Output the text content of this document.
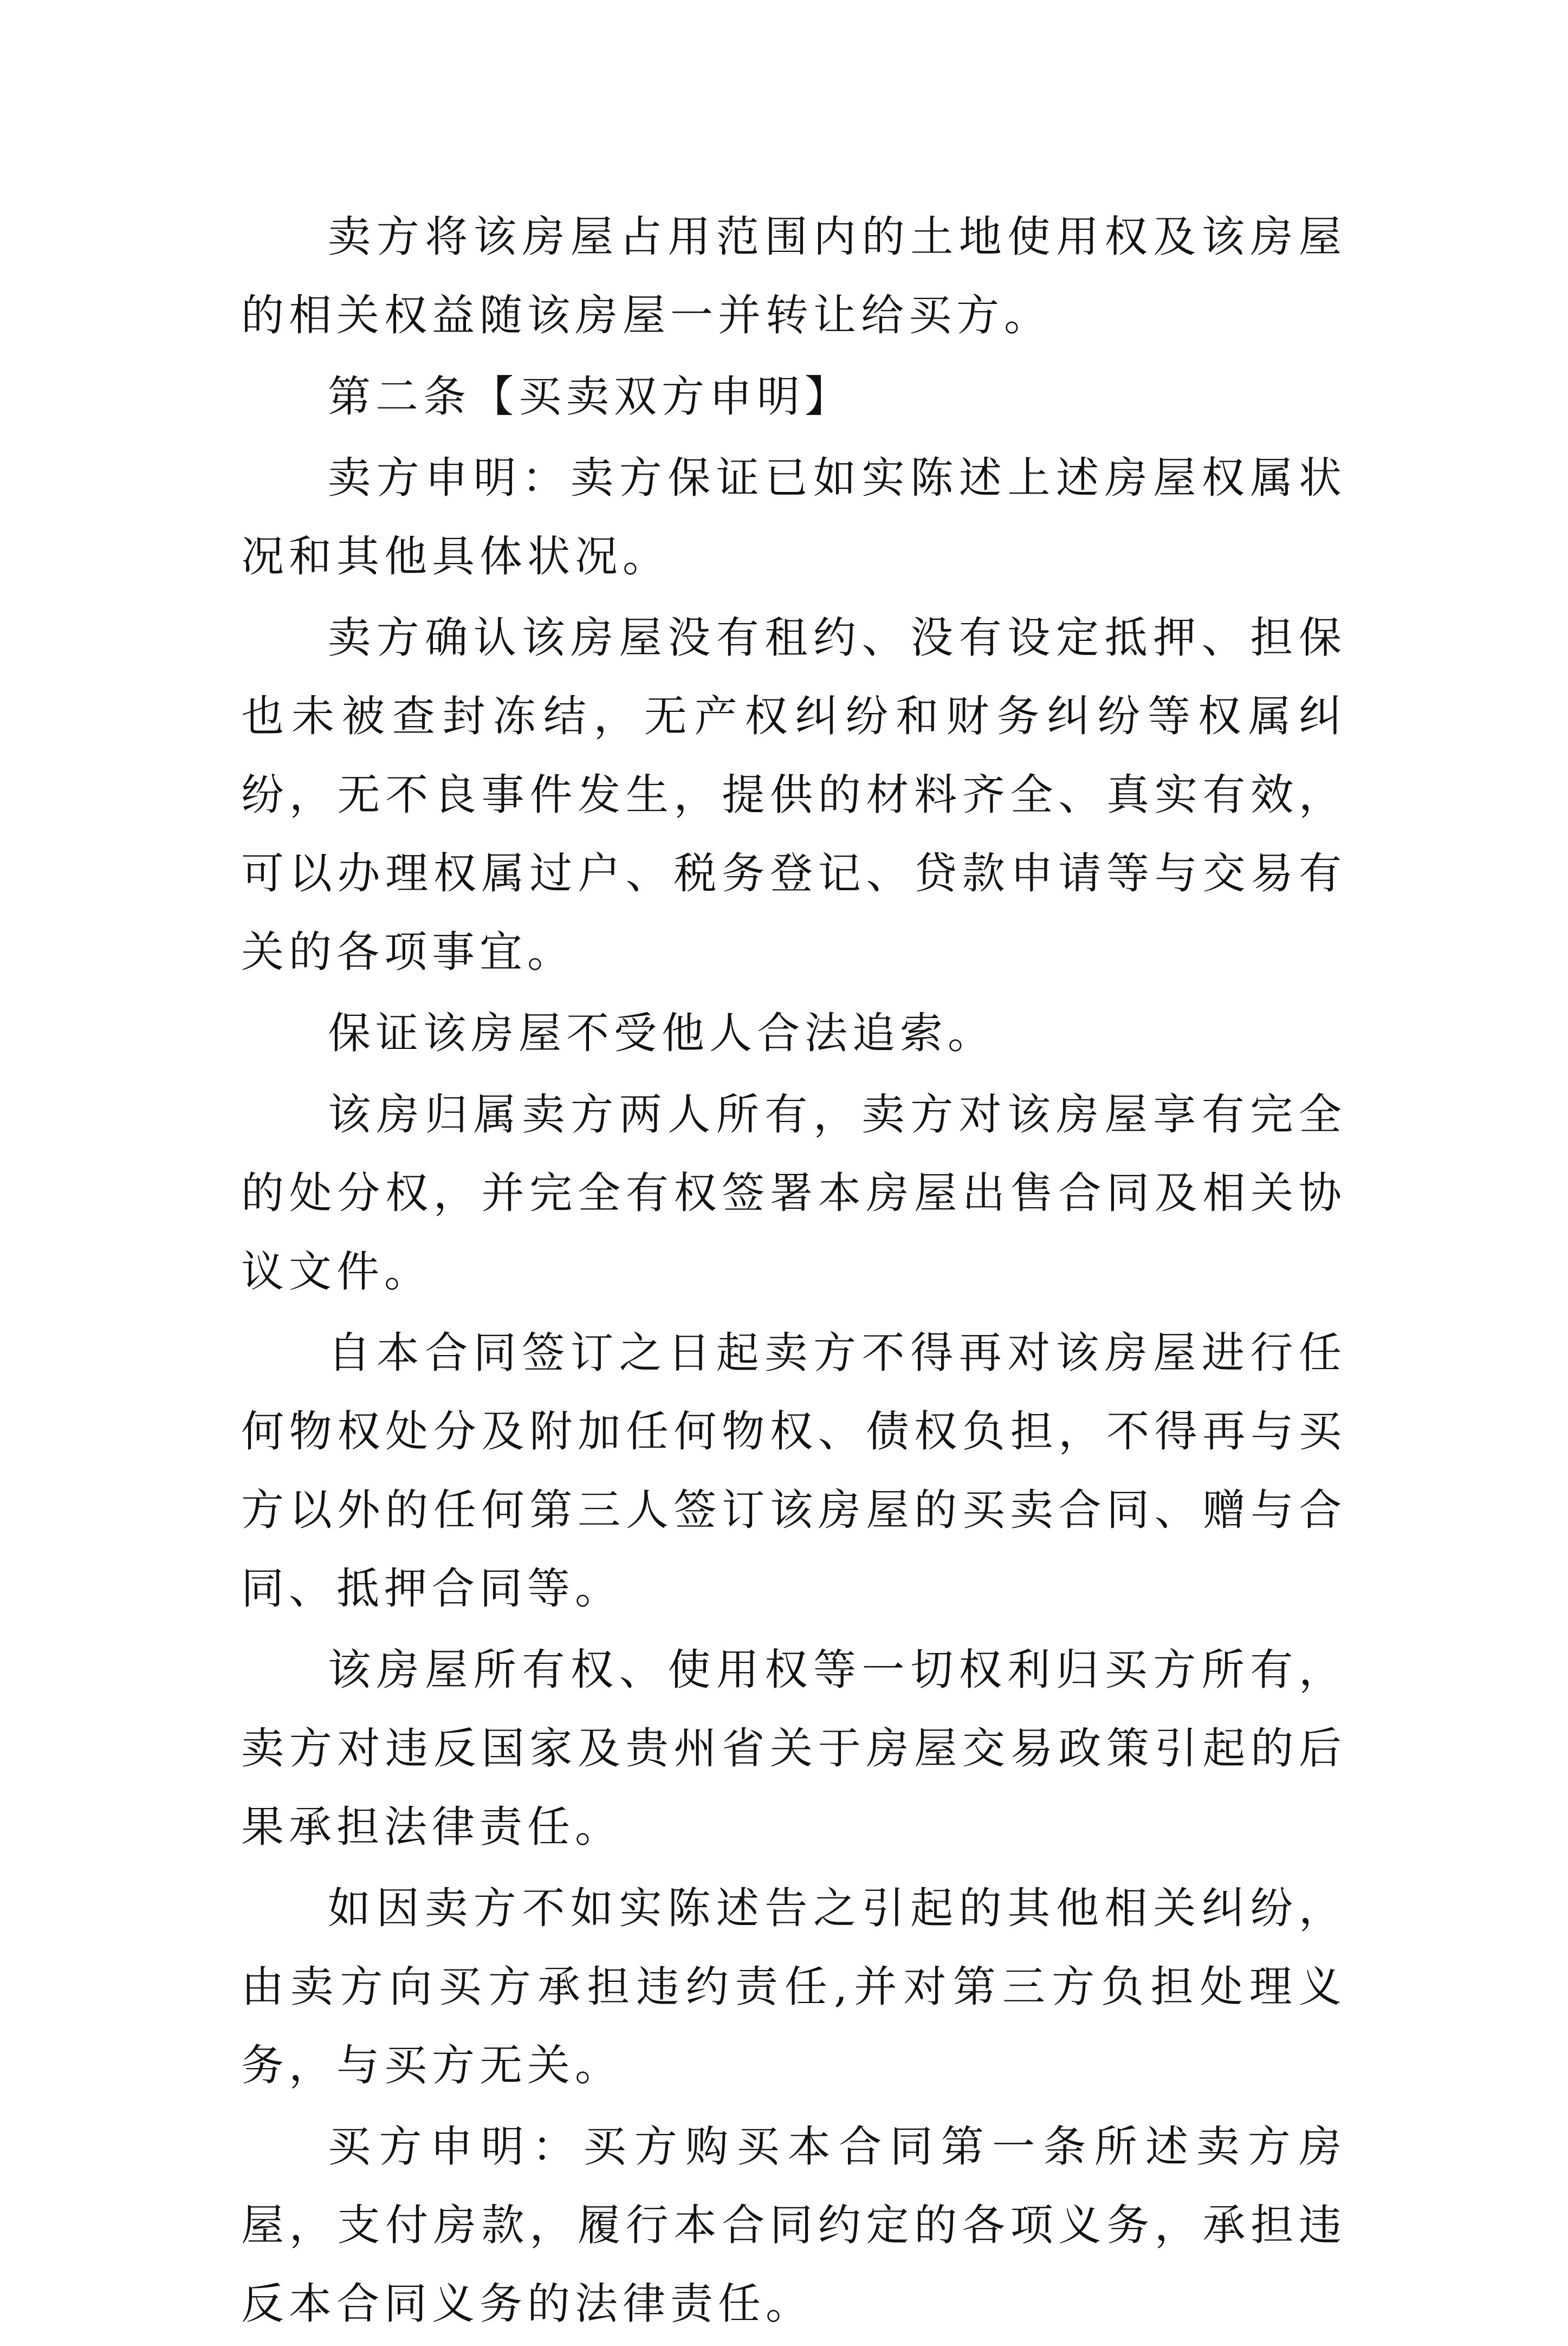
卖方将该房屋占用范围内的土地使用权及该房屋的相关权益随该房屋一并转让给买方。

第二条【买卖双方申明】

卖方申明：卖方保证已如实陈述上述房屋权属状况和其他具体状况。

卖方确认该房屋没有租约、没有设定抵押、担保也未被查封冻结，无产权纠纷和财务纠纷等权属纠纷，无不良事件发生，提供的材料齐全、真实有效，可以办理权属过户、税务登记、贷款申请等与交易有关的各项事宜。

保证该房屋不受他人合法追索。

该房归属卖方两人所有，卖方对该房屋享有完全的处分权，并完全有权签署本房屋出售合同及相关协议文件。

自本合同签订之日起卖方不得再对该房屋进行任何物权处分及附加任何物权、债权负担，不得再与买方以外的任何第三人签订该房屋的买卖合同、赠与合同、抵押合同等。

该房屋所有权、使用权等一切权利归买方所有，卖方对违反国家及贵州省关于房屋交易政策引起的后果承担法律责任。

如因卖方不如实陈述告之引起的其他相关纠纷，由卖方向买方承担违约责任,并对第三方负担处理义务，与买方无关。

买方申明：买方购买本合同第一条所述卖方房屋，支付房款，履行本合同约定的各项义务，承担违反本合同义务的法律责任。
